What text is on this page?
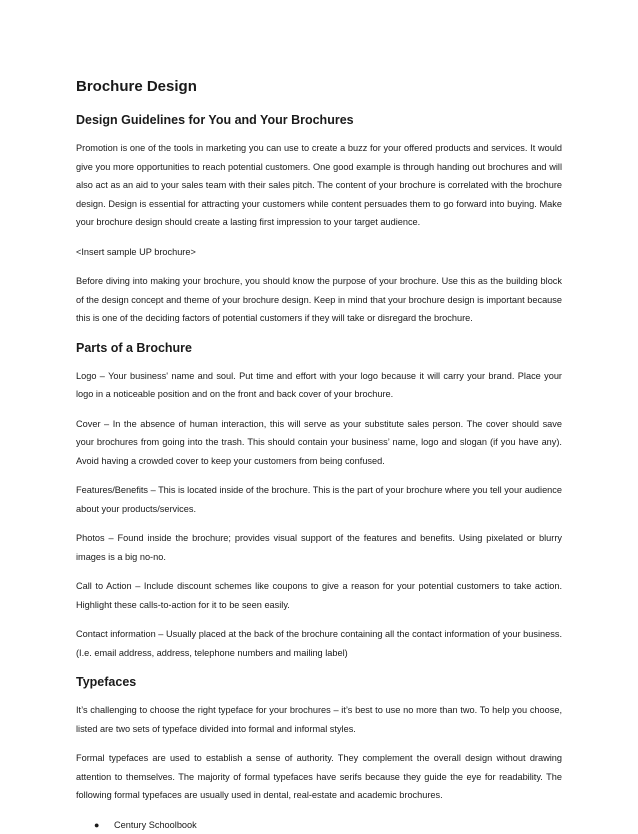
Brochure Design
Design Guidelines for You and Your Brochures

Promotion is one of the tools in marketing you can use to create a buzz for your offered products and services. It would give you more opportunities to reach potential customers. One good example is through handing out brochures and will also act as an aid to your sales team with their sales pitch. The content of your brochure is correlated with the brochure design. Design is essential for attracting your customers while content persuades them to go forward into buying. Make your brochure design should create a lasting first impression to your target audience.

<Insert sample UP brochure>

Before diving into making your brochure, you should know the purpose of your brochure. Use this as the building block of the design concept and theme of your brochure design. Keep in mind that your brochure design is important because this is one of the deciding factors of potential customers if they will take or disregard the brochure.

Parts of a Brochure

Logo – Your business' name and soul. Put time and effort with your logo because it will carry your brand. Place your logo in a noticeable position and on the front and back cover of your brochure.

Cover – In the absence of human interaction, this will serve as your substitute sales person. The cover should save your brochures from going into the trash. This should contain your business’ name, logo and slogan (if you have any). Avoid having a crowded cover to keep your customers from being confused.

Features/Benefits – This is located inside of the brochure. This is the part of your brochure where you tell your audience about your products/services.

Photos – Found inside the brochure; provides visual support of the features and benefits. Using pixelated or blurry images is a big no-no.

Call to Action – Include discount schemes like coupons to give a reason for your potential customers to take action. Highlight these calls-to-action for it to be seen easily.

Contact information – Usually placed at the back of the brochure containing all the contact information of your business. (I.e. email address, address, telephone numbers and mailing label)

Typefaces

It’s challenging to choose the right typeface for your brochures – it’s best to use no more than two. To help you choose, listed are two sets of typeface divided into formal and informal styles.

Formal typefaces are used to establish a sense of authority. They complement the overall design without drawing attention to themselves. The majority of formal typefaces have serifs because they guide the eye for readability. The following formal typefaces are usually used in dental, real-estate and academic brochures.

● Century Schoolbook
